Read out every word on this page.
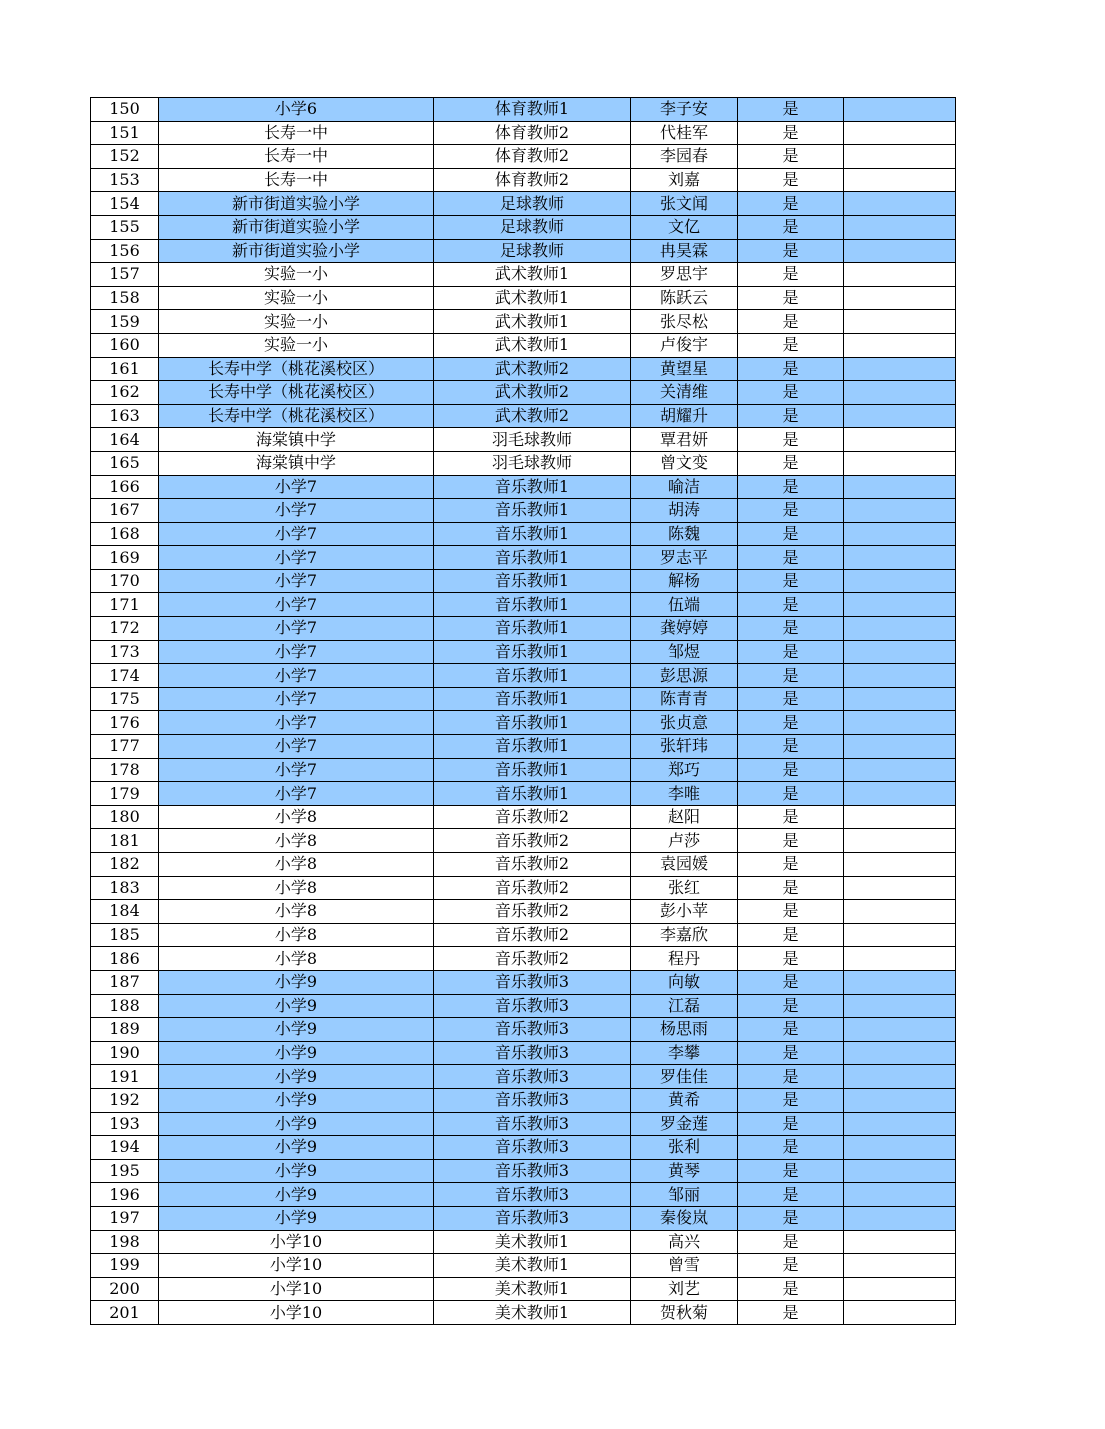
150	小学6	体育教师1	李子安	是	
151	长寿一中	体育教师2	代桂军	是	
152	长寿一中	体育教师2	李园春	是	
153	长寿一中	体育教师2	刘嘉	是	
154	新市街道实验小学	足球教师	张文闻	是	
155	新市街道实验小学	足球教师	文亿	是	
156	新市街道实验小学	足球教师	冉昊霖	是	
157	实验一小	武术教师1	罗思宇	是	
158	实验一小	武术教师1	陈跃云	是	
159	实验一小	武术教师1	张尽松	是	
160	实验一小	武术教师1	卢俊宇	是	
161	长寿中学（桃花溪校区）	武术教师2	黄望星	是	
162	长寿中学（桃花溪校区）	武术教师2	关清维	是	
163	长寿中学（桃花溪校区）	武术教师2	胡耀升	是	
164	海棠镇中学	羽毛球教师	覃君妍	是	
165	海棠镇中学	羽毛球教师	曾文变	是	
166	小学7	音乐教师1	喻洁	是	
167	小学7	音乐教师1	胡涛	是	
168	小学7	音乐教师1	陈魏	是	
169	小学7	音乐教师1	罗志平	是	
170	小学7	音乐教师1	解杨	是	
171	小学7	音乐教师1	伍端	是	
172	小学7	音乐教师1	龚婷婷	是	
173	小学7	音乐教师1	邹煜	是	
174	小学7	音乐教师1	彭思源	是	
175	小学7	音乐教师1	陈青青	是	
176	小学7	音乐教师1	张贞意	是	
177	小学7	音乐教师1	张轩玮	是	
178	小学7	音乐教师1	郑巧	是	
179	小学7	音乐教师1	李唯	是	
180	小学8	音乐教师2	赵阳	是	
181	小学8	音乐教师2	卢莎	是	
182	小学8	音乐教师2	袁园媛	是	
183	小学8	音乐教师2	张红	是	
184	小学8	音乐教师2	彭小苹	是	
185	小学8	音乐教师2	李嘉欣	是	
186	小学8	音乐教师2	程丹	是	
187	小学9	音乐教师3	向敏	是	
188	小学9	音乐教师3	江磊	是	
189	小学9	音乐教师3	杨思雨	是	
190	小学9	音乐教师3	李攀	是	
191	小学9	音乐教师3	罗佳佳	是	
192	小学9	音乐教师3	黄希	是	
193	小学9	音乐教师3	罗金莲	是	
194	小学9	音乐教师3	张利	是	
195	小学9	音乐教师3	黄琴	是	
196	小学9	音乐教师3	邹丽	是	
197	小学9	音乐教师3	秦俊岚	是	
198	小学10	美术教师1	高兴	是	
199	小学10	美术教师1	曾雪	是	
200	小学10	美术教师1	刘艺	是	
201	小学10	美术教师1	贺秋菊	是	
